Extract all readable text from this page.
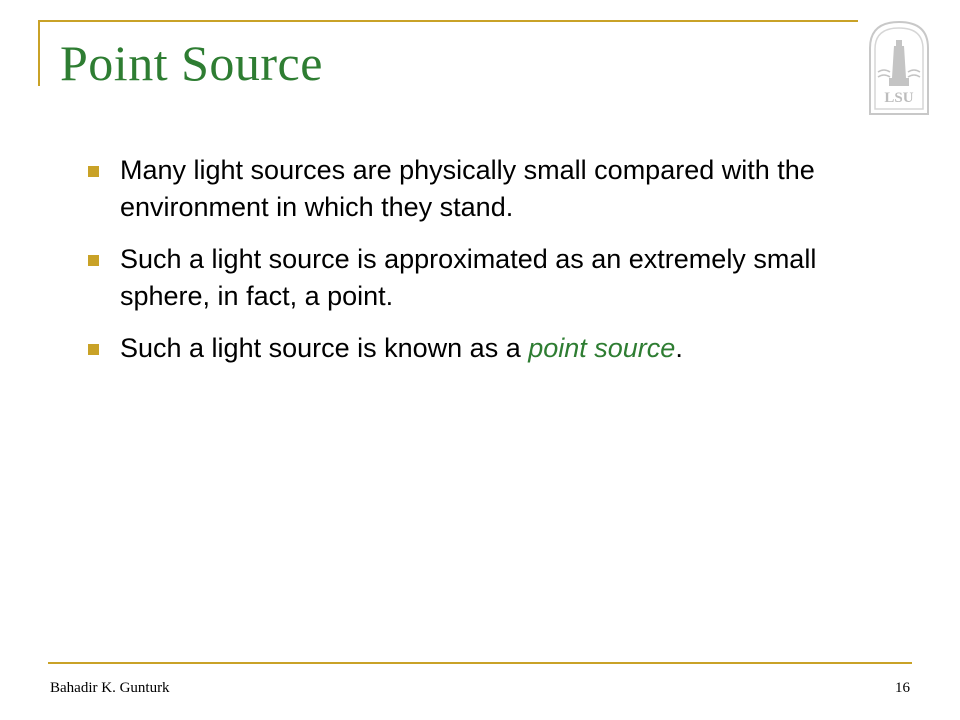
Point Source
LSU
Many light sources are physically small compared with the environment in which they stand.
Such a light source is approximated as an extremely small sphere, in fact, a point.
Such a light source is known as a point source.
Bahadir K. Gunturk	16
